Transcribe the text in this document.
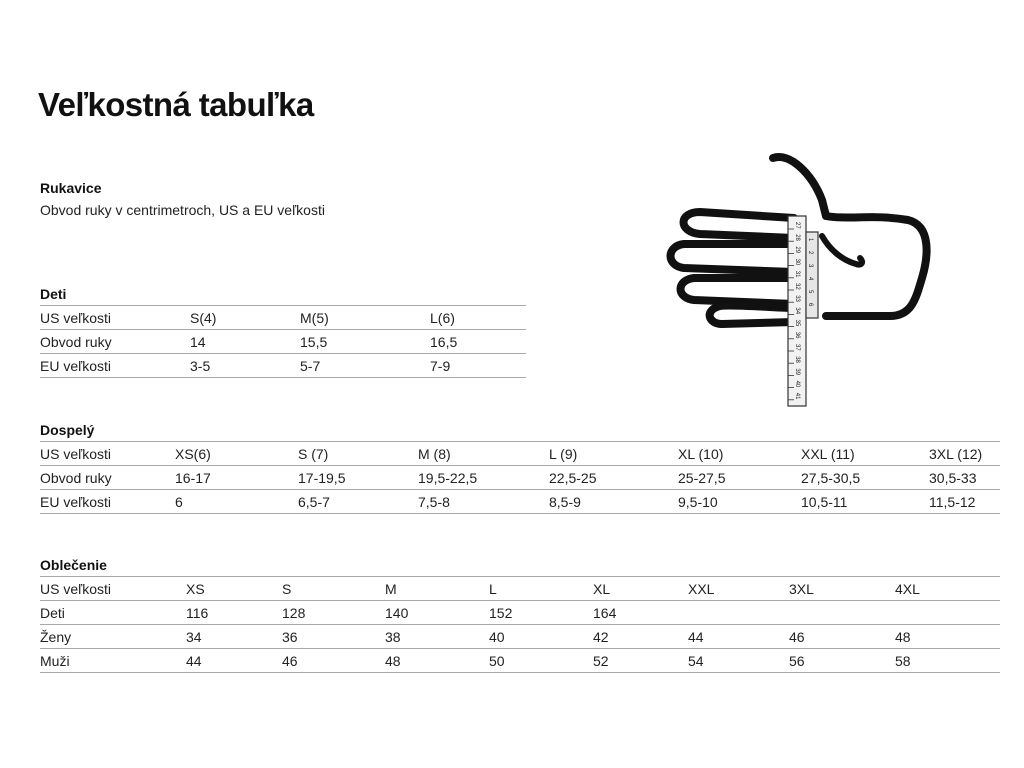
Veľkostná tabuľka
Rukavice
Obvod ruky v centrimetroch, US a EU veľkosti
Deti
US veľkosti	S(4)	M(5)	L(6)
Obvod ruky	14	15,5	16,5
EU veľkosti	3-5	5-7	7-9
Dospelý
US veľkosti	XS(6)	S (7)	M (8)	L (9)	XL (10)	XXL (11)	3XL (12)
Obvod ruky	16-17	17-19,5	19,5-22,5	22,5-25	25-27,5	27,5-30,5	30,5-33
EU veľkosti	6	6,5-7	7,5-8	8,5-9	9,5-10	10,5-11	11,5-12
Oblečenie
US veľkosti	XS	S	M	L	XL	XXL	3XL	4XL
Deti	116	128	140	152	164			
Ženy	34	36	38	40	42	44	46	48
Muži	44	46	48	50	52	54	56	58
27
28
29
30
31
32
33
34
35
36
37
38
39
40
41
1
2
3
4
5
6
